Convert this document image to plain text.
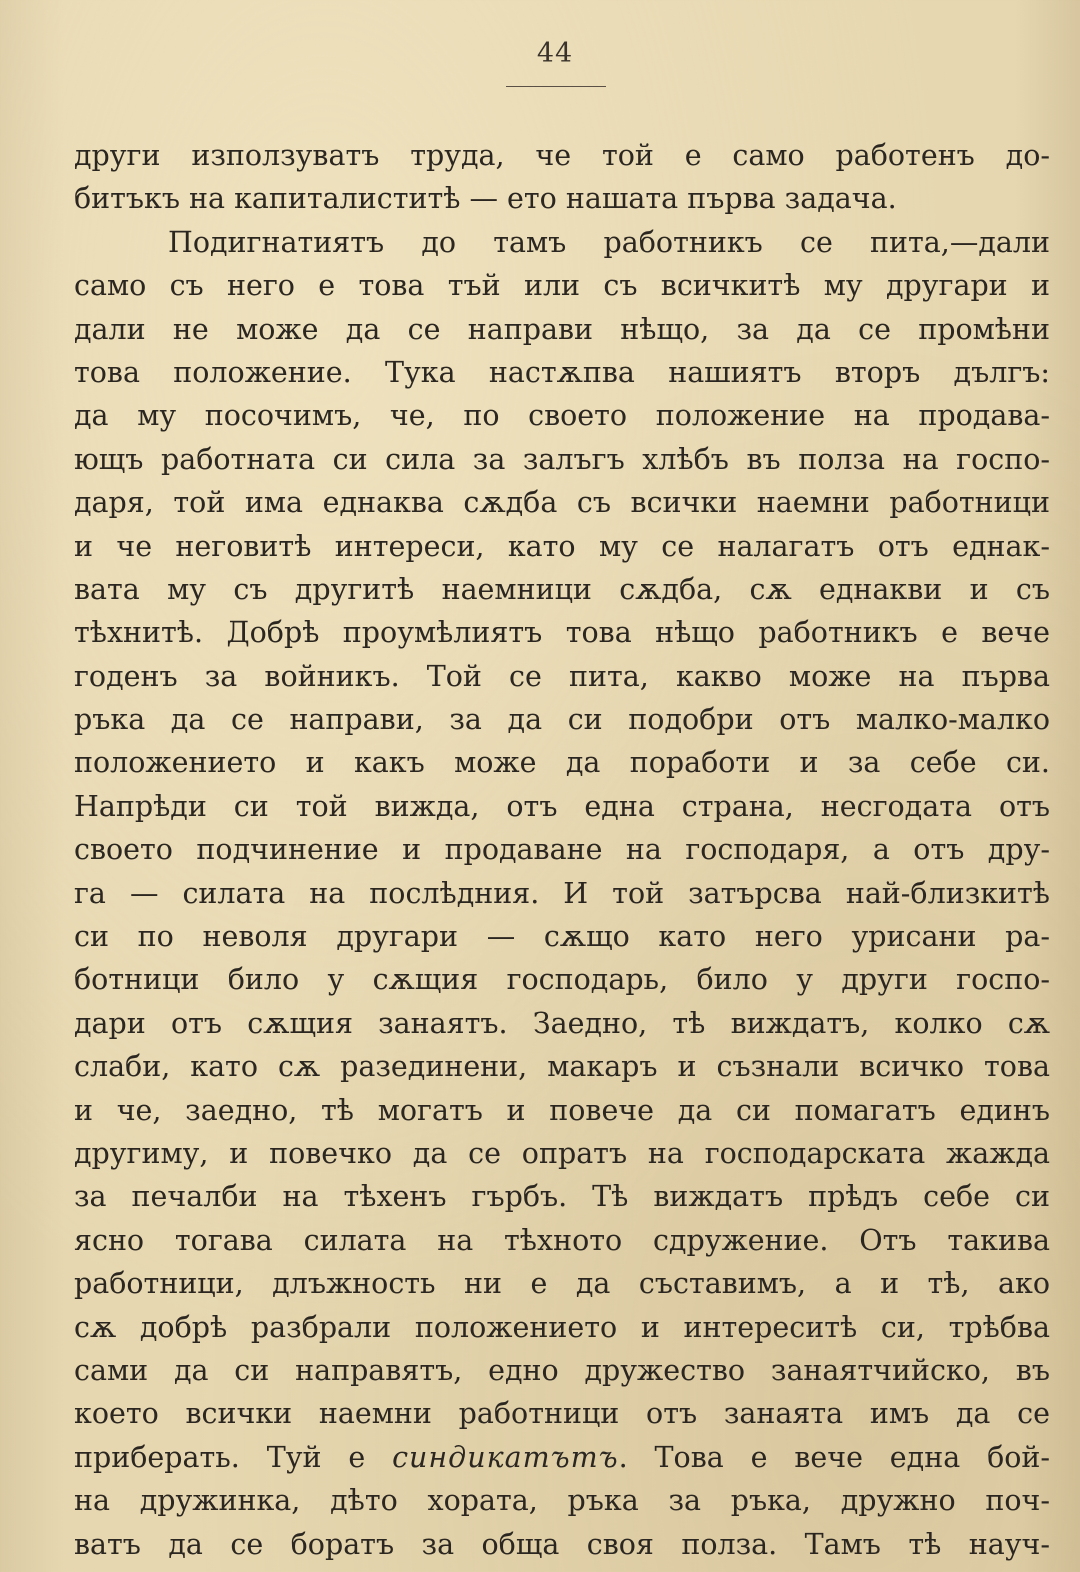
44
други използуватъ труда, че той е само работенъ до-
битъкъ на капиталиститѣ — ето нашата първа задача.
Подигнатиятъ до тамъ работникъ се пита,—дали
само съ него е това тъй или съ всичкитѣ му другари и
дали не може да се направи нѣщо, за да се промѣни
това положение. Тука настѫпва нашиятъ вторъ дългъ:
да му посочимъ, че, по своето положение на продава-
ющъ работната си сила за залъгъ хлѣбъ въ полза на госпо-
даря, той има еднаква сѫдба съ всички наемни работници
и че неговитѣ интереси, като му се налагатъ отъ еднак-
вата му съ другитѣ наемници сѫдба, сѫ еднакви и съ
тѣхнитѣ. Добрѣ проумѣлиятъ това нѣщо работникъ е вече
годенъ за войникъ. Той се пита, какво може на първа
ръка да се направи, за да си подобри отъ малко-малко
положението и какъ може да поработи и за себе си.
Напрѣди си той вижда, отъ една страна, несгодата отъ
своето подчинение и продаване на господаря, а отъ дру-
га — силата на послѣдния. И той затърсва най-близкитѣ
си по неволя другари — сѫщо като него урисани ра-
ботници било у сѫщия господарь, било у други госпо-
дари отъ сѫщия занаятъ. Заедно, тѣ виждатъ, колко сѫ
слаби, като сѫ разединени, макаръ и съзнали всичко това
и че, заедно, тѣ могатъ и повече да си помагатъ единъ
другиму, и повечко да се опратъ на господарската жажда
за печалби на тѣхенъ гърбъ. Тѣ виждатъ прѣдъ себе си
ясно тогава силата на тѣхното сдружение. Отъ такива
работници, длъжность ни е да съставимъ, а и тѣ, ако
сѫ добрѣ разбрали положението и интереситѣ си, трѣбва
сами да си направятъ, едно дружество занаятчийско, въ
което всички наемни работници отъ занаята имъ да се
приберать. Туй е синдикатътъ. Това е вече една бой-
на дружинка, дѣто хората, ръка за ръка, дружно поч-
ватъ да се боратъ за обща своя полза. Тамъ тѣ науч-
